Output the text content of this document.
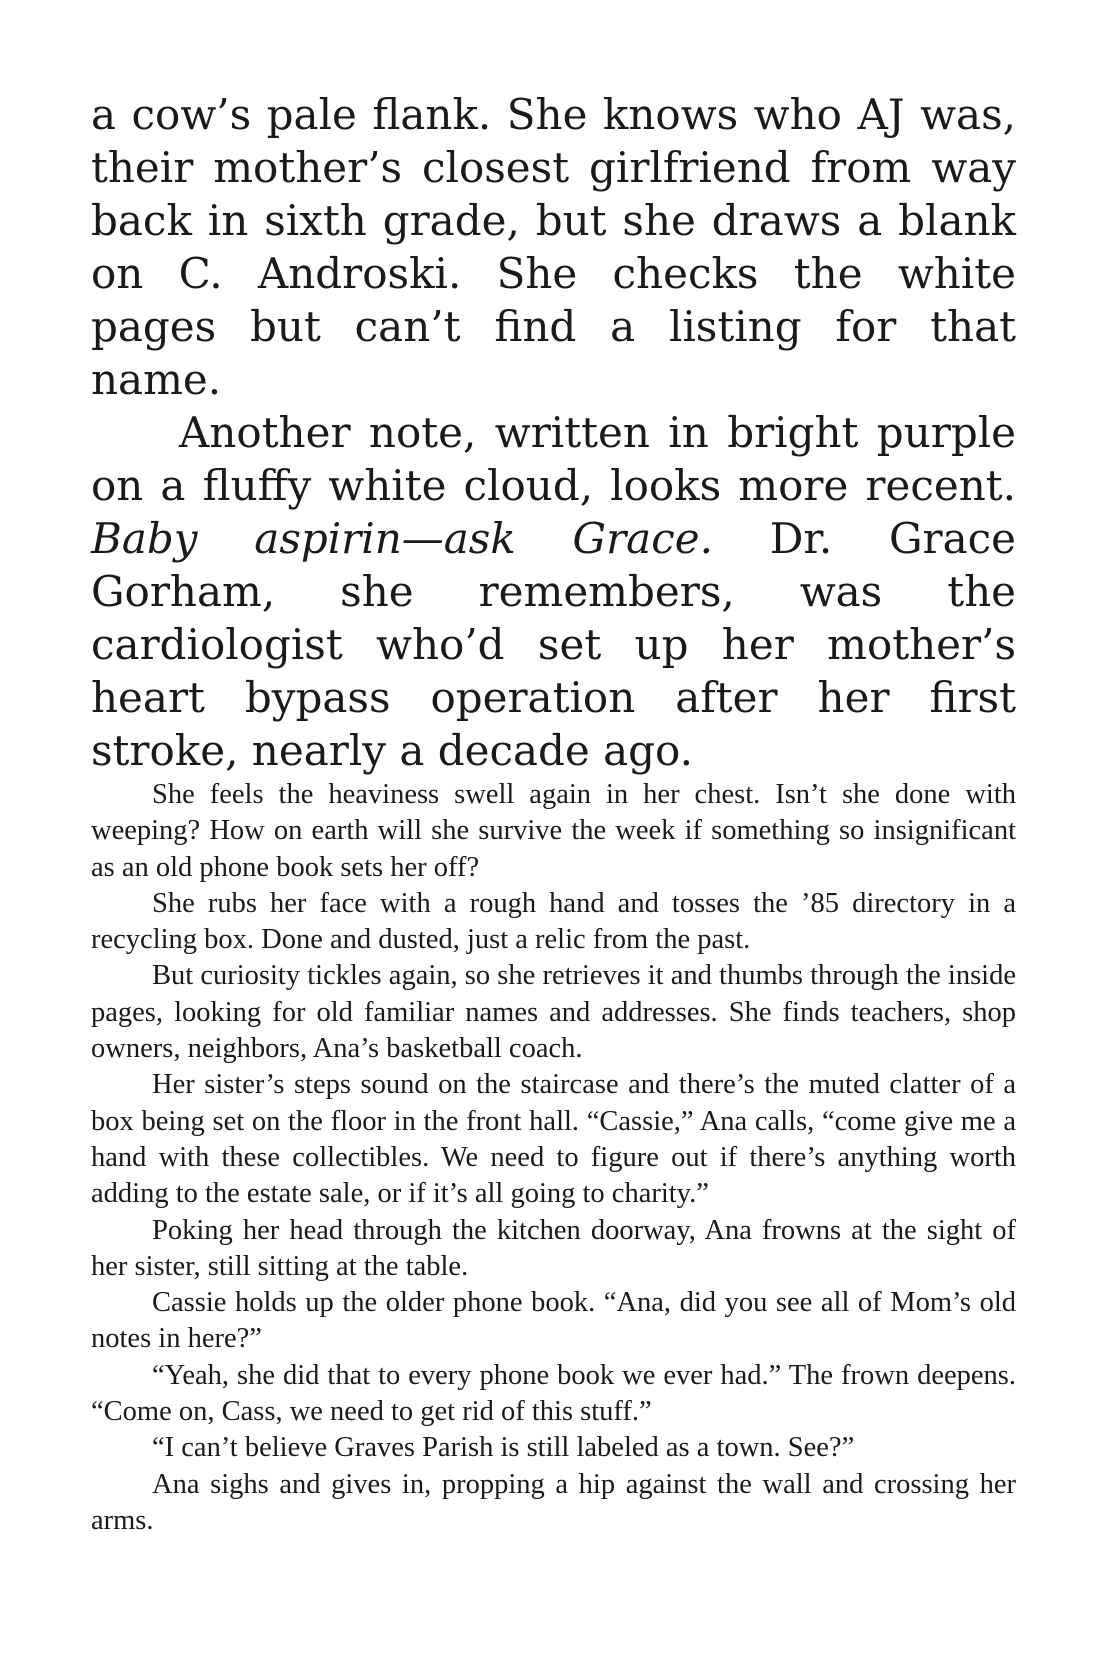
a cow’s pale flank. She knows who AJ was, their mother’s closest girlfriend from way back in sixth grade, but she draws a blank on C. Androski. She checks the white pages but can’t find a listing for that name.

Another note, written in bright purple on a fluffy white cloud, looks more recent. Baby aspirin—ask Grace. Dr. Grace Gorham, she remembers, was the cardiologist who’d set up her mother’s heart bypass operation after her first stroke, nearly a decade ago.

She feels the heaviness swell again in her chest. Isn’t she done with weeping? How on earth will she survive the week if something so insignificant as an old phone book sets her off?

She rubs her face with a rough hand and tosses the ’85 directory in a recycling box. Done and dusted, just a relic from the past.

But curiosity tickles again, so she retrieves it and thumbs through the inside pages, looking for old familiar names and addresses. She finds teachers, shop owners, neighbors, Ana’s basketball coach.

Her sister’s steps sound on the staircase and there’s the muted clatter of a box being set on the floor in the front hall. “Cassie,” Ana calls, “come give me a hand with these collectibles. We need to figure out if there’s anything worth adding to the estate sale, or if it’s all going to charity.”

Poking her head through the kitchen doorway, Ana frowns at the sight of her sister, still sitting at the table.

Cassie holds up the older phone book. “Ana, did you see all of Mom’s old notes in here?”

“Yeah, she did that to every phone book we ever had.” The frown deepens. “Come on, Cass, we need to get rid of this stuff.”

“I can’t believe Graves Parish is still labeled as a town. See?”

Ana sighs and gives in, propping a hip against the wall and crossing her arms.
